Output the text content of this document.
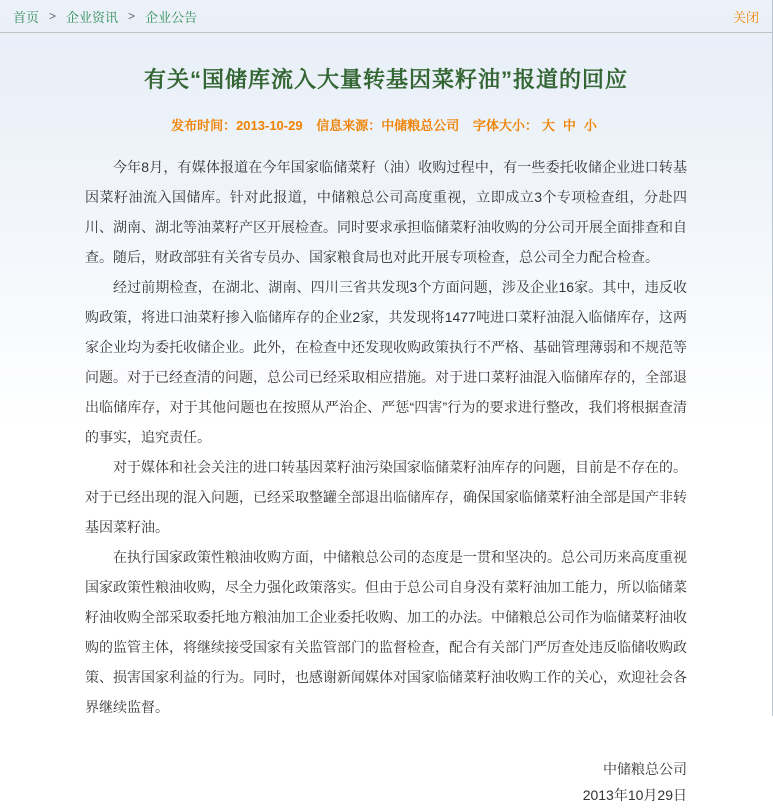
首页 > 企业资讯 > 企业公告	关闭
有关“国储库流入大量转基因菜籽油”报道的回应
发布时间：2013-10-29 信息来源：中储粮总公司 字体大小： 大 中 小

今年8月，有媒体报道在今年国家临储菜籽（油）收购过程中，有一些委托收储企业进口转基因菜籽油流入国储库。针对此报道，中储粮总公司高度重视，立即成立3个专项检查组，分赴四川、湖南、湖北等油菜籽产区开展检查。同时要求承担临储菜籽油收购的分公司开展全面排查和自查。随后，财政部驻有关省专员办、国家粮食局也对此开展专项检查，总公司全力配合检查。

经过前期检查，在湖北、湖南、四川三省共发现3个方面问题，涉及企业16家。其中，违反收购政策，将进口油菜籽掺入临储库存的企业2家，共发现将1477吨进口菜籽油混入临储库存，这两家企业均为委托收储企业。此外，在检查中还发现收购政策执行不严格、基础管理薄弱和不规范等问题。对于已经查清的问题，总公司已经采取相应措施。对于进口菜籽油混入临储库存的，全部退出临储库存，对于其他问题也在按照从严治企、严惩“四害”行为的要求进行整改，我们将根据查清的事实，追究责任。

对于媒体和社会关注的进口转基因菜籽油污染国家临储菜籽油库存的问题，目前是不存在的。对于已经出现的混入问题，已经采取整罐全部退出临储库存，确保国家临储菜籽油全部是国产非转基因菜籽油。

在执行国家政策性粮油收购方面，中储粮总公司的态度是一贯和坚决的。总公司历来高度重视国家政策性粮油收购，尽全力强化政策落实。但由于总公司自身没有菜籽油加工能力，所以临储菜籽油收购全部采取委托地方粮油加工企业委托收购、加工的办法。中储粮总公司作为临储菜籽油收购的监管主体，将继续接受国家有关监管部门的监督检查，配合有关部门严厉查处违反临储收购政策、损害国家利益的行为。同时，也感谢新闻媒体对国家临储菜籽油收购工作的关心，欢迎社会各界继续监督。

中储粮总公司
2013年10月29日
